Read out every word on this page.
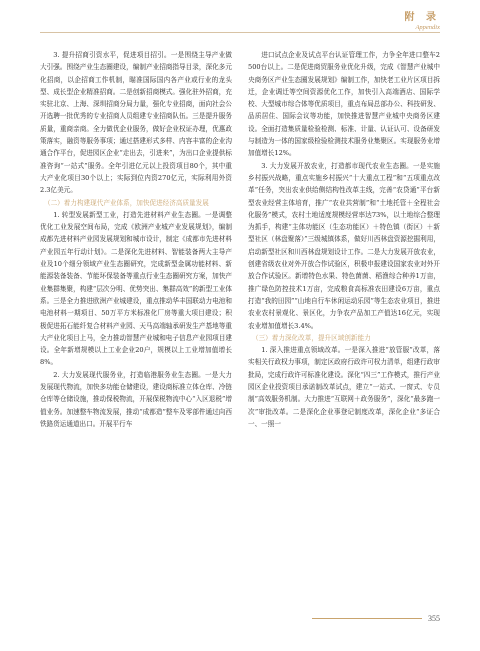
附 录
Appendix

3. 提升招商引资水平，促进项目招引。一是围绕主导产业做大引强。围绕产业生态圈建设，编制产业招商指导目录，深化多元化招商，以企招商工作机制，瞄准国际国内各产业或行业的龙头型、成长型企业精准招商。二是创新招商模式。强化驻外招商，充实驻北京、上海、深圳招商分局力量，强化专业招商，面向社会公开选聘一批优秀的专业招商人员组建专业招商队伍。三是提升服务质量，重商亲商。全力做优企业服务，做好企业权证办理，优惠政策落实，融资等服务事项；通过搭建形式多样、内容丰富的企业沟通合作平台，促进园区企业“走出去，引进来”，为出口企业提供标准咨询“一站式”服务。全年引进亿元以上投资项目80个，其中重大产业化项目30个以上；实际到位内资270亿元，实际利用外资2.3亿美元。

（二）着力构建现代产业体系，加快促进经济高质量发展

1. 转型发展新型工业，打造先进材料产业生态圈。一是调整优化工业发展空间布局，完成《欧洲产业城产业发展规划》，编制成都先进材料产业园发展规划和城市设计，制定《成都市先进材料产业园五年行动计划》。二是深化先进材料、智能装备两大主导产业及10个细分领域产业生态圈研究，完成新型金属功能材料、新能源装备装备、节能环保装备等重点行业生态圈研究方案，加快产业集群集聚，构建“层次分明、优势突出、集群高效”的新型工业体系。三是全力推进欧洲产业城建设，重点推动华丰国联动力电池和电池材料一期项目、50万平方米标准化厂房等重大项目建设；积极促进拓石能纤复合材料产业园、天马高端轴承研发生产基地等重大产业化项目上马，全力推动智慧产业城和电子信息产业园项目建设。全年新增规模以上工业企业20户，规模以上工业增加值增长8%。

2. 大力发展现代服务业，打造临港服务业生态圈。一是大力发展现代物流，加快多功能仓储建设，建设商标准立体仓库、冷链仓库等仓储设施，推动保税物流，开展保税物流中心“入区退税”增值业务。加速整车物流发展，推动“成都造”整车及零部件通过向西铁路货运通道出口。开展平行车

进口试点企业及试点平台认证管理工作，力争全年进口整车2500台以上。二是促进商贸服务业优化升级，完成《智慧产业城中央商务区产业生态圈发展规划》编制工作，加快老工业片区项目拆迁，企业调迁等空间资源优化工作，加快引入高端酒店、国际学校、大型城市综合体等优质项目，重点布局总部办公、科技研发、品质居住、国际会议等功能，加快推进智慧产业城中央商务区建设。全面打造集质量检验检测、标准、计量、认证认可、设备研发与制造为一体的国家级检验检测技术服务业集聚区。实现服务业增加值增长12%。

3. 大力发展开放农业，打造都市现代农业生态圈。一是实施乡村振兴战略，重点实施乡村振兴“十大重点工程”和“五项重点改革”任务，突出农业供给侧结构性改革主线，完善“农贷通”平台新型农业经营主体培育，推广“农业共营制”和“土地托管＋全程社会化服务”模式，农村土地适度规模经营率达73%，以土地综合整理为抓手，构建“主体功能区（生态功能区）＋特色镇（街区）＋新型社区（林盘聚落）”三级城镇体系，做好川西林盘资源挖掘利用，启动新型社区和川西林盘规划设计工作。二是大力发展开放农业，创建省级农业对外开放合作试验区，积极申报建设国家农业对外开放合作试验区。新增特色水果、特色菌菌、稻渔综合种养1万亩，推广绿色防控技术1万亩，完成粮食高标准农田建设6万亩，重点打造“我的田园”“山地自行车休闲运动乐园”等生态农业项目，推进农业农村景观化、景区化，力争农产品加工产值达16亿元，实现农业增加值增长3.4%。

（三）着力深化改革，提升区域创新能力

1. 深入推进重点领域改革。一是深入推进“放管服”改革，落实相关行政权力事项，制定区政府行政许可权力清单，组建行政审批局，完成行政许可标准化建设。深化“四三”工作模式，推行产业园区企业投资项目承诺制改革试点，建立“一站式、一窗式、专员制”高效服务机制。大力推进“互联网＋政务服务”，深化“最多跑一次”审批改革。二是深化企业事登记制度改革，深化企业“多证合一、一照一

355
